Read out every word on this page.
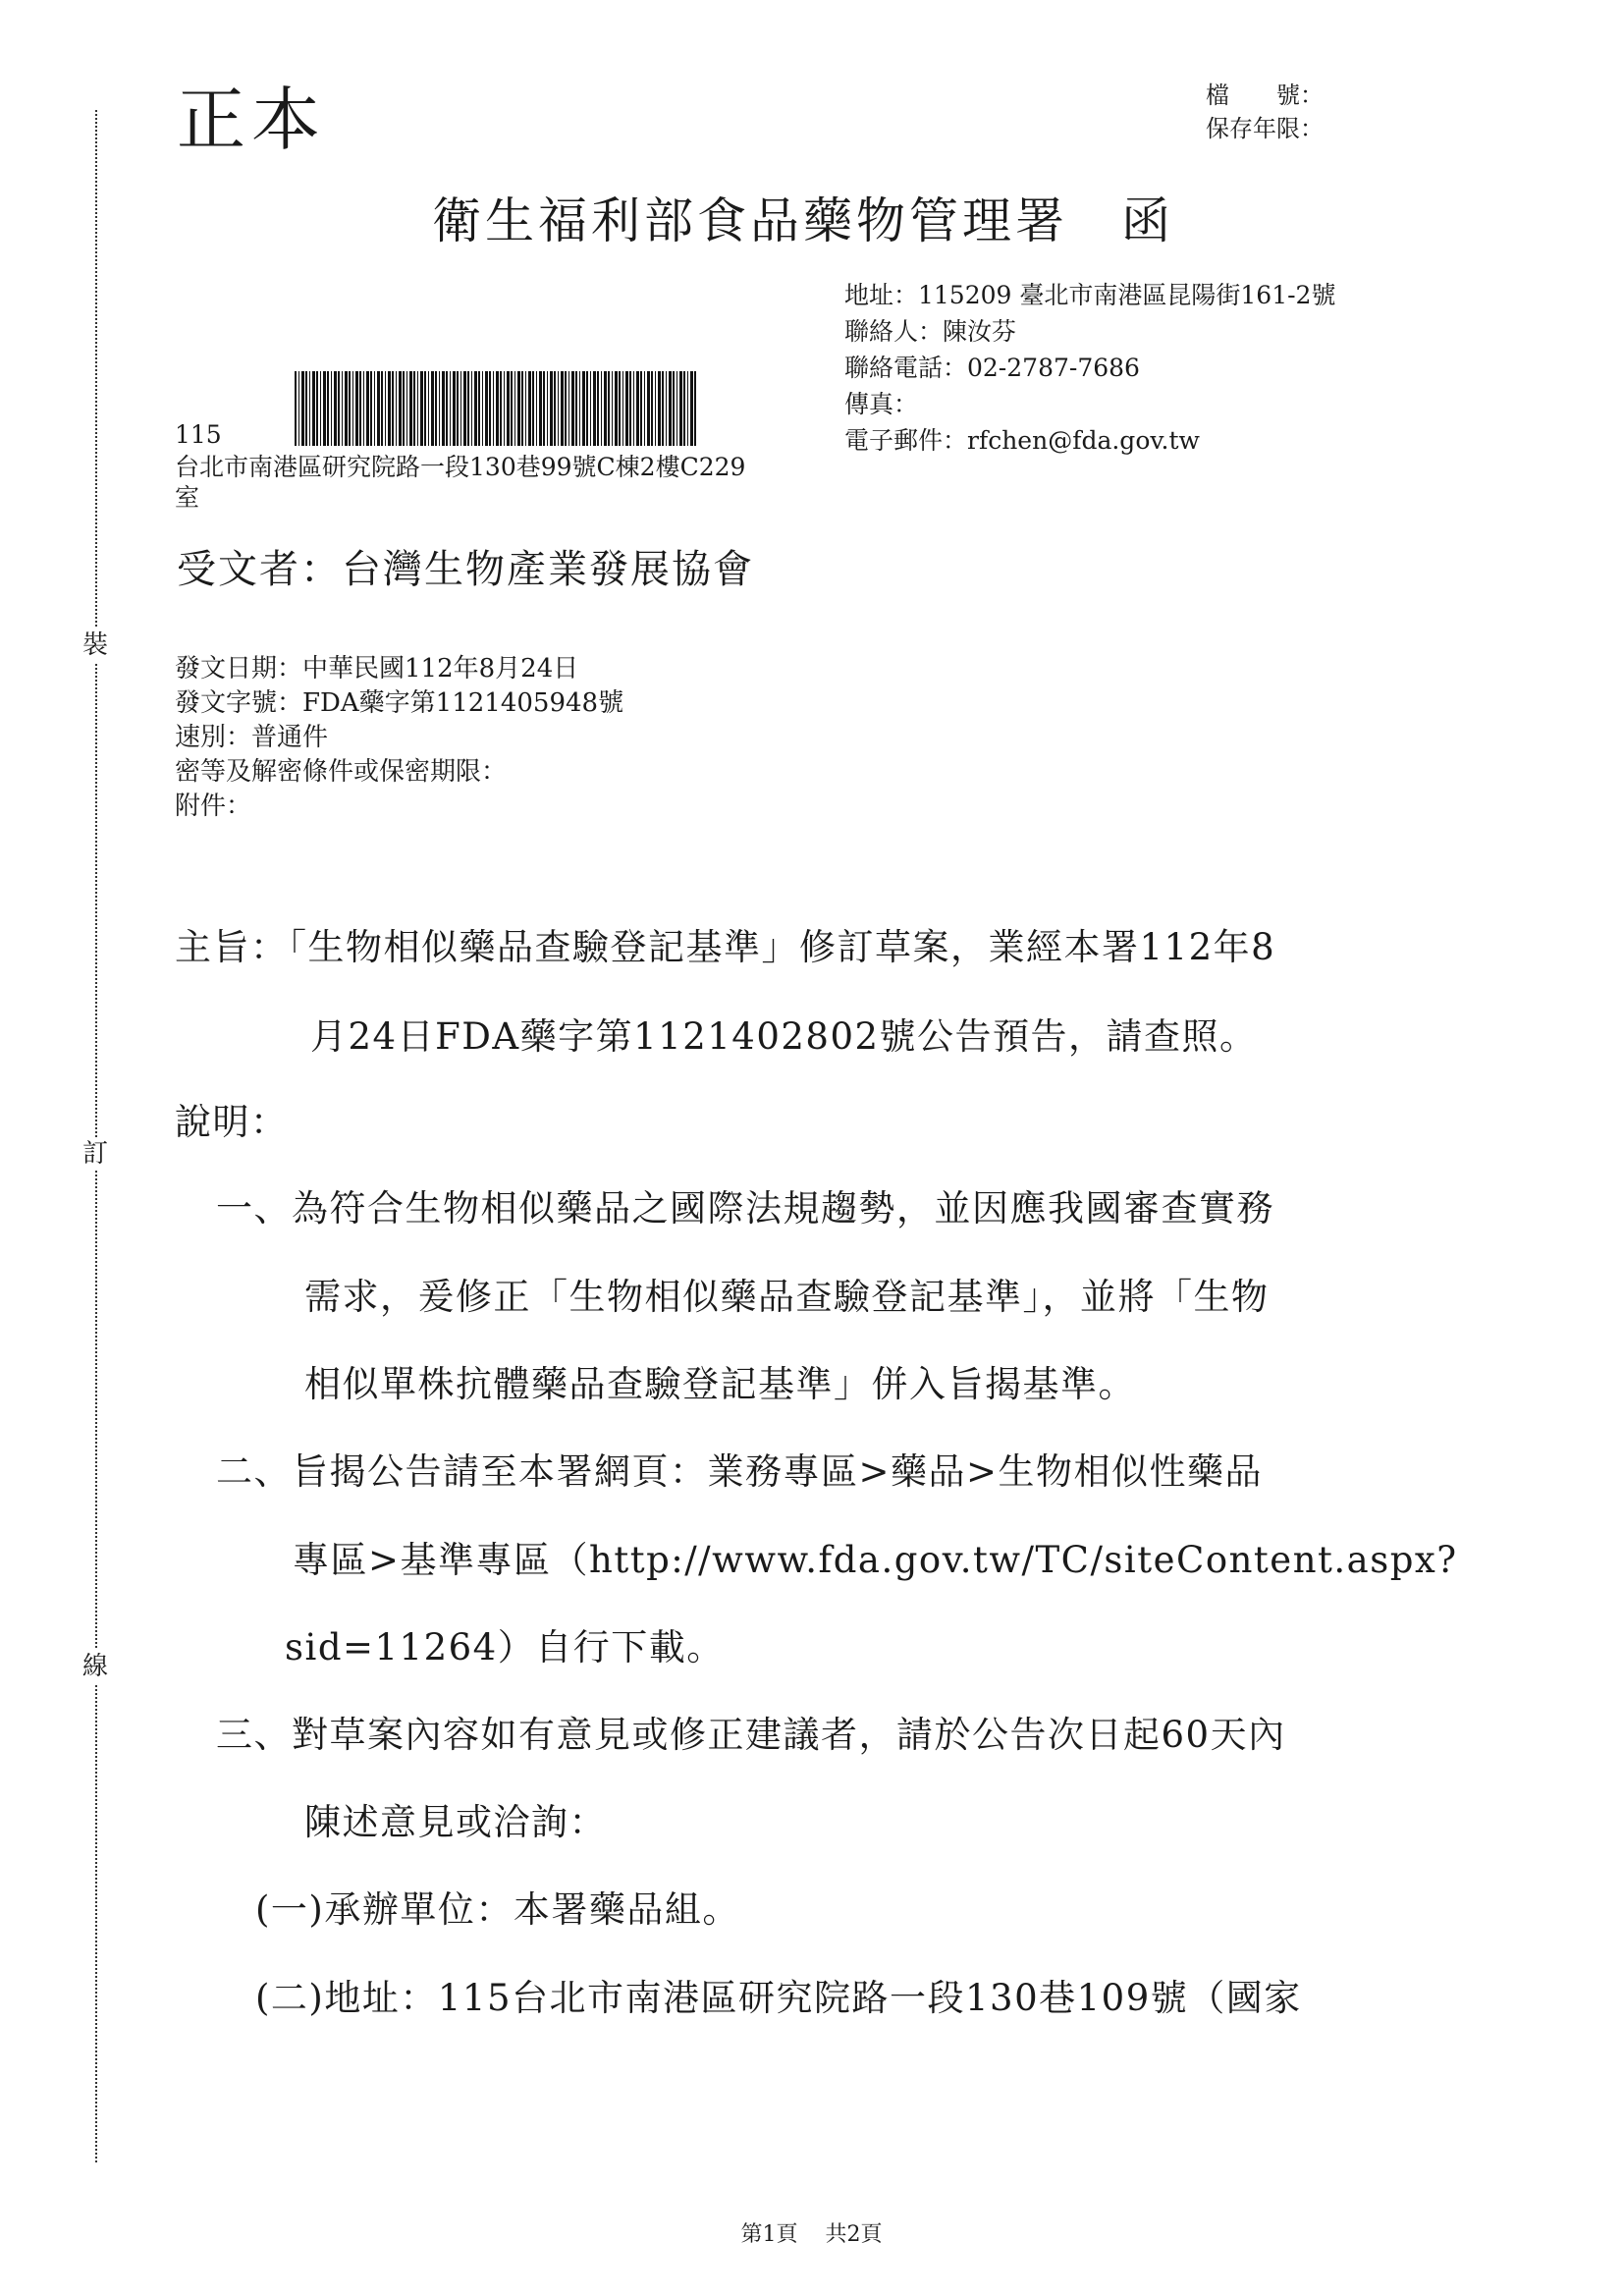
裝
訂
線
正本	檔　　號：
保存年限：
衛生福利部食品藥物管理署　函
地址：115209 臺北市南港區昆陽街161-2號
聯絡人：陳汝芬
聯絡電話：02-2787-7686
傳真：
電子郵件：rfchen@fda.gov.tw
115
台北市南港區研究院路一段130巷99號C棟2樓C229
室
受文者：台灣生物產業發展協會
發文日期：中華民國112年8月24日
發文字號：FDA藥字第1121405948號
速別：普通件
密等及解密條件或保密期限：
附件：
主旨：「生物相似藥品查驗登記基準」修訂草案，業經本署112年8
月24日FDA藥字第1121402802號公告預告，請查照。
說明：
一、為符合生物相似藥品之國際法規趨勢，並因應我國審查實務
需求，爰修正「生物相似藥品查驗登記基準」，並將「生物
相似單株抗體藥品查驗登記基準」併入旨揭基準。
二、旨揭公告請至本署網頁：業務專區>藥品>生物相似性藥品
專區>基準專區（http://www.fda.gov.tw/TC/siteContent.aspx?
sid=11264）自行下載。
三、對草案內容如有意見或修正建議者，請於公告次日起60天內
陳述意見或洽詢：
(一)承辦單位：本署藥品組。
(二)地址：115台北市南港區研究院路一段130巷109號（國家
第1頁 共2頁
